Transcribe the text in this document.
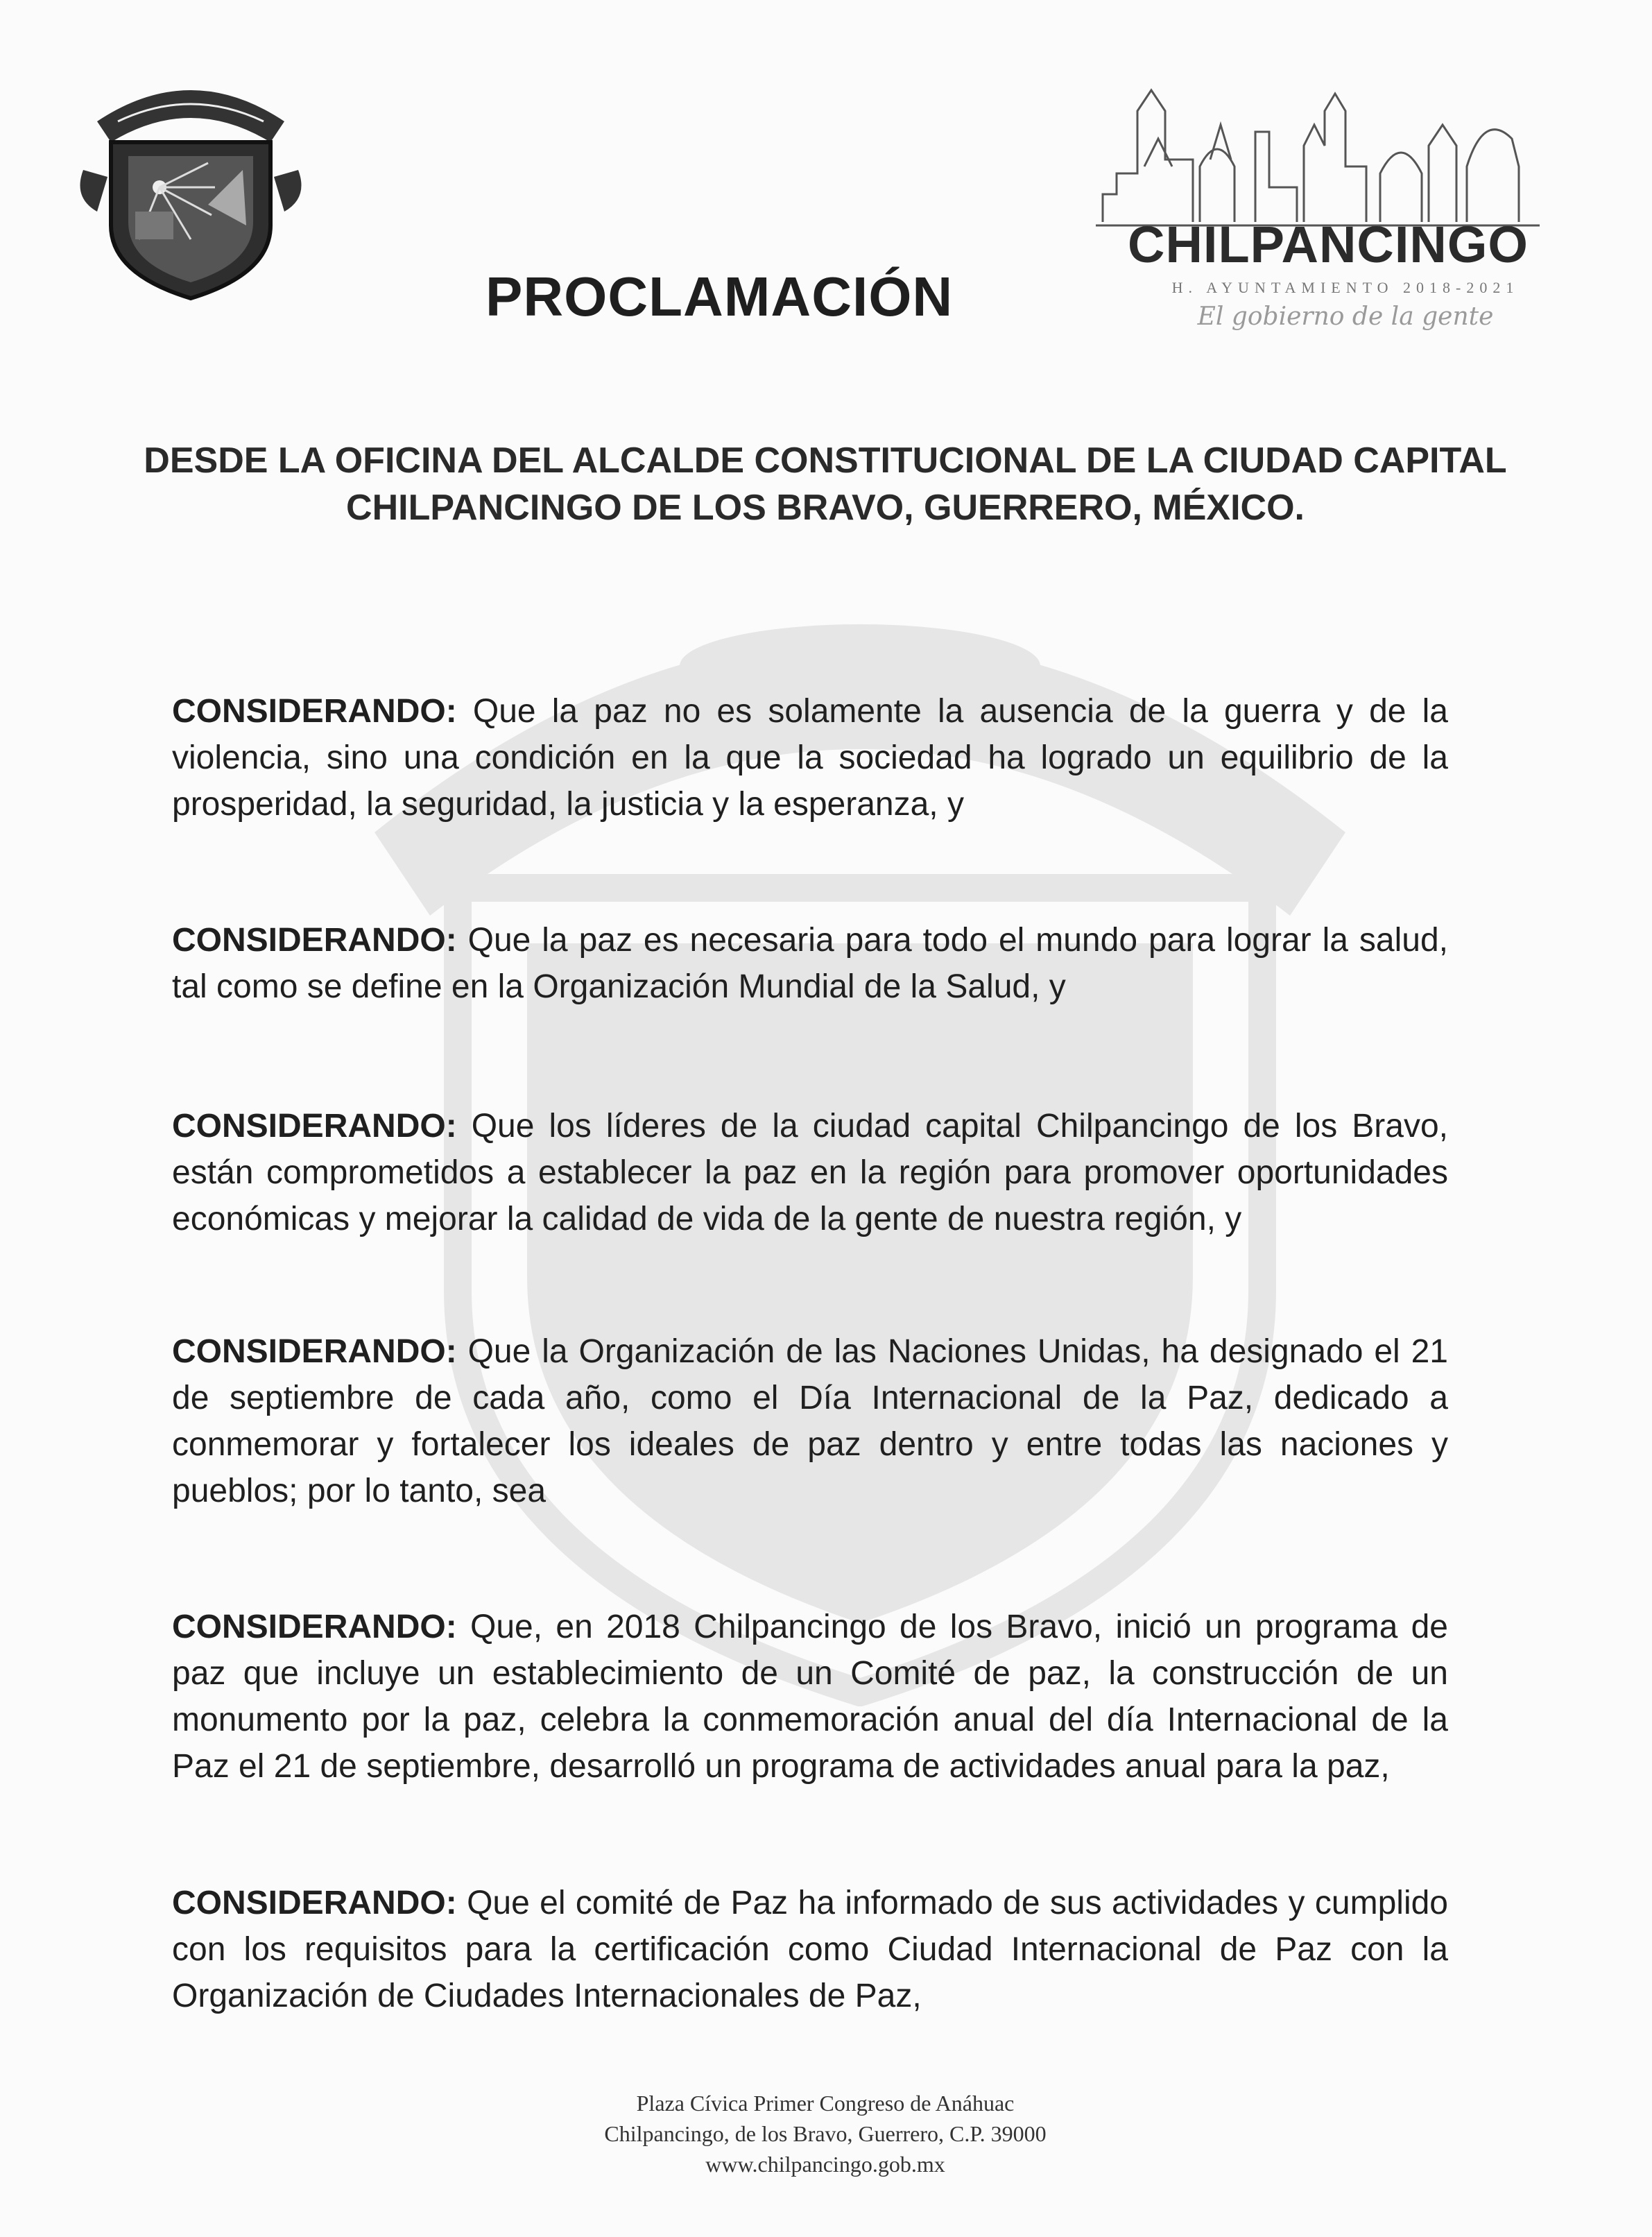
CHILPANCINGO
H. AYUNTAMIENTO 2018-2021
El gobierno de la gente
PROCLAMACIÓN
DESDE LA OFICINA DEL ALCALDE CONSTITUCIONAL DE LA CIUDAD CAPITAL CHILPANCINGO DE LOS BRAVO, GUERRERO, MÉXICO.

CONSIDERANDO: Que la paz no es solamente la ausencia de la guerra y de la violencia, sino una condición en la que la sociedad ha logrado un equilibrio de la prosperidad, la seguridad, la justicia y la esperanza, y

CONSIDERANDO: Que la paz es necesaria para todo el mundo para lograr la salud, tal como se define en la Organización Mundial de la Salud, y

CONSIDERANDO: Que los líderes de la ciudad capital Chilpancingo de los Bravo, están comprometidos a establecer la paz en la región para promover oportunidades económicas y mejorar la calidad de vida de la gente de nuestra región, y

CONSIDERANDO: Que la Organización de las Naciones Unidas, ha designado el 21 de septiembre de cada año, como el Día Internacional de la Paz, dedicado a conmemorar y fortalecer los ideales de paz dentro y entre todas las naciones y pueblos; por lo tanto, sea

CONSIDERANDO: Que, en 2018 Chilpancingo de los Bravo, inició un programa de paz que incluye un establecimiento de un Comité de paz, la construcción de un monumento por la paz, celebra la conmemoración anual del día Internacional de la Paz el 21 de septiembre, desarrolló un programa de actividades anual para la paz,

CONSIDERANDO: Que el comité de Paz ha informado de sus actividades y cumplido con los requisitos para la certificación como Ciudad Internacional de Paz con la Organización de Ciudades Internacionales de Paz,

Plaza Cívica Primer Congreso de Anáhuac
Chilpancingo, de los Bravo, Guerrero, C.P. 39000
www.chilpancingo.gob.mx
